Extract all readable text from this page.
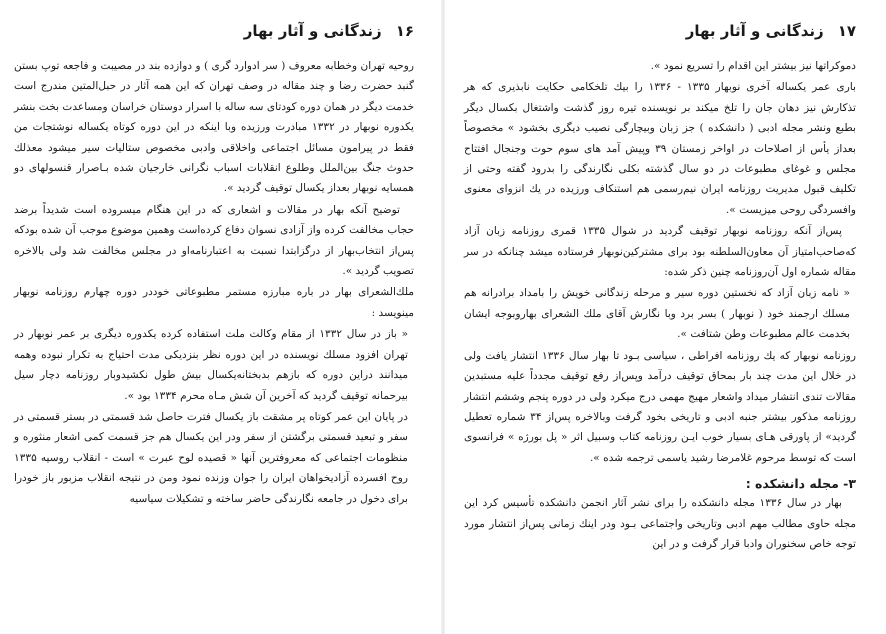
۱۶
زندگانی و آثار بهار

روحیه تهران وخطابه معروف ( سر ادوارد گری ) و دوازده بند در مصیبت و فاجعه توپ بستن گنبد حضرت رضا و چند مقاله در وصف تهران که این همه آثار در حبل‌المتین مندرج است خدمت دیگر در همان دوره کودتای سه ساله با اسرار دوستان خراسان ومساعدت بخت بنشر یکدوره نوبهار در ۱۳۳۲ مبادرت ورزیده وبا اینکه در این دوره کوتاه یکساله نوشتجات من فقط در پیرامون مسائل اجتماعی واخلاقی وادبی مخصوص ستالیات سیر میشود معذلك حدوث جنگ بین‌الملل وطلوع انقلابات اسباب نگرانی خارجیان شده بـاصرار قنسولهای دو همسایه نوبهار بعداز یکسال توقیف گردید ».

توضیح آنکه بهار در مقالات و اشعاری که در این هنگام میسروده است شدیداً برضد حجاب مخالفت کرده واز آزادی نسوان دفاع کرده‌است وهمین موضوع موجب آن شده بودکه پس‌از انتخاب‌بهار از درگز‌ابتدا نسبت به اعتبارنامه‌او در مجلس مخالفت شد ولی بالاخره تصویب گردید ».

ملك‌الشعرای بهار در باره مبارزه مستمر مطبوعاتی خوددر دوره چهارم روزنامه نوبهار مینویسد :

« باز در سال ۱۳۳۲ از مقام وکالت ملت استفاده کرده یکدوره دیگری بر عمر نوبهار در تهران افزود مسلك نویسنده در این دوره نظر بنزدیکی مدت احتیاج به تکرار نبوده وهمه میدانند دراین دوره که بازهم بدبختانه‌یکسال بیش طول نکشیدو‌بار روزنامه دچار سیل بیرحمانه توقیف گردید که آخرین آن شش مـاه محرم ۱۳۳۴ بود ».

در پایان این عمر کوتاه پر مشقت باز یکسال فترت حاصل شد قسمتی در بستر قسمتی در سفر و تبعید قسمتی برگشتن از سفر ودر این یکسال هم جز قسمت کمی اشعار منثوره و منظومات اجتماعی که معروفترین آنها « قصیده لوح عبرت » است - انقلاب روسیه ۱۳۳۵ روح افسرده آزادیخواهان ایران را جوان وزنده نمود ومن در نتیجه انقلاب مزبور باز خودرا برای دخول در جامعه نگارندگی حاضر ساخته و تشکیلات سیاسیه

۱۷
زندگانی و آثار بهار

دموکراتها نیز بیشتر این اقدام را تسریع نمود ».

باری عمر یکساله آخری نوبهار ۱۳۳۵ - ۱۳۳۶ را بیك تلخکامی حکایت نابذیری که هر تذکارش نیز دهان جان را تلخ میکند بر نویسنده تیره روز گذشت واشتغال بکسال دیگر بطبع ونشر مجله ادبی ( دانشکده ) جز زبان وبیچارگی نصیب دیگری بخشود » مخصوصاً بعداز یأس از اصلاحات در اواخر زمستان ۳۹ وپیش آمد های سوم حوت وجنجال افتتاح مجلس و غوغای مطبوعات در دو سال گذشته بکلی نگارندگی را بدرود گفته وحتی از تکلیف قبول مدیریت روزنامه ایران نیم‌رسمی هم استنکاف ورزیده در یك انزوای معنوی وافسردگی روحی میزیست ».

پس‌از آنکه روزنامه نوبهار توقیف گردید در شوال ۱۳۳۵ قمری روزنامه زبان آزاد که‌صاحب‌امتیاز آن معاون‌السلطنه بود برای مشترکین‌نوبهار فرستاده میشد چنانکه در سر مقاله شماره اول آن‌روزنامه چنین ذکر شده:

« نامه زبان آزاد که نخستین دوره سیر و مرحله زندگانی خویش را بامداد برادرانه هم مسلك ارجمند خود ( نوبهار ) بسر برد وبا نگارش آقای ملك الشعرای بهاروبوجه ایشان بخدمت عالم مطبوعات وطن شتافت ».

روزنامه نوبهار که یك روزنامه افراطی ، سیاسی بـود تا بهار سال ۱۳۳۶ انتشار یافت ولی در خلال این مدت چند بار بمحاق توقیف درآمد وپس‌از رفع توقیف مجدداً علیه مستبدین مقالات تندی انتشار میداد واشعار مهیج مهمی درج میکرد ولی در دوره پنجم وششم انتشار روزنامه مذکور بیشتر جنبه ادبی و تاریخی بخود گرفت وبالاخره پس‌از ۳۴ شماره تعطیل گردید» از پاورقی هـای بسیار خوب ایـن روزنامه کتاب وسبیل اثر « پل بورژه » فرانسوی است که توسط مرحوم غلامرضا رشید یاسمی ترجمه شده ».

۳- مجله دانشکده :

بهار در سال ۱۳۳۶ مجله دانشکده را برای نشر آثار انجمن دانشکده تأسیس کرد این مجله حاوی مطالب مهم ادبی وتاریخی واجتماعی بـود ودر اینك زمانی پس‌از انتشار مورد توجه خاص سخنوران وادبا قرار گرفت و در این
